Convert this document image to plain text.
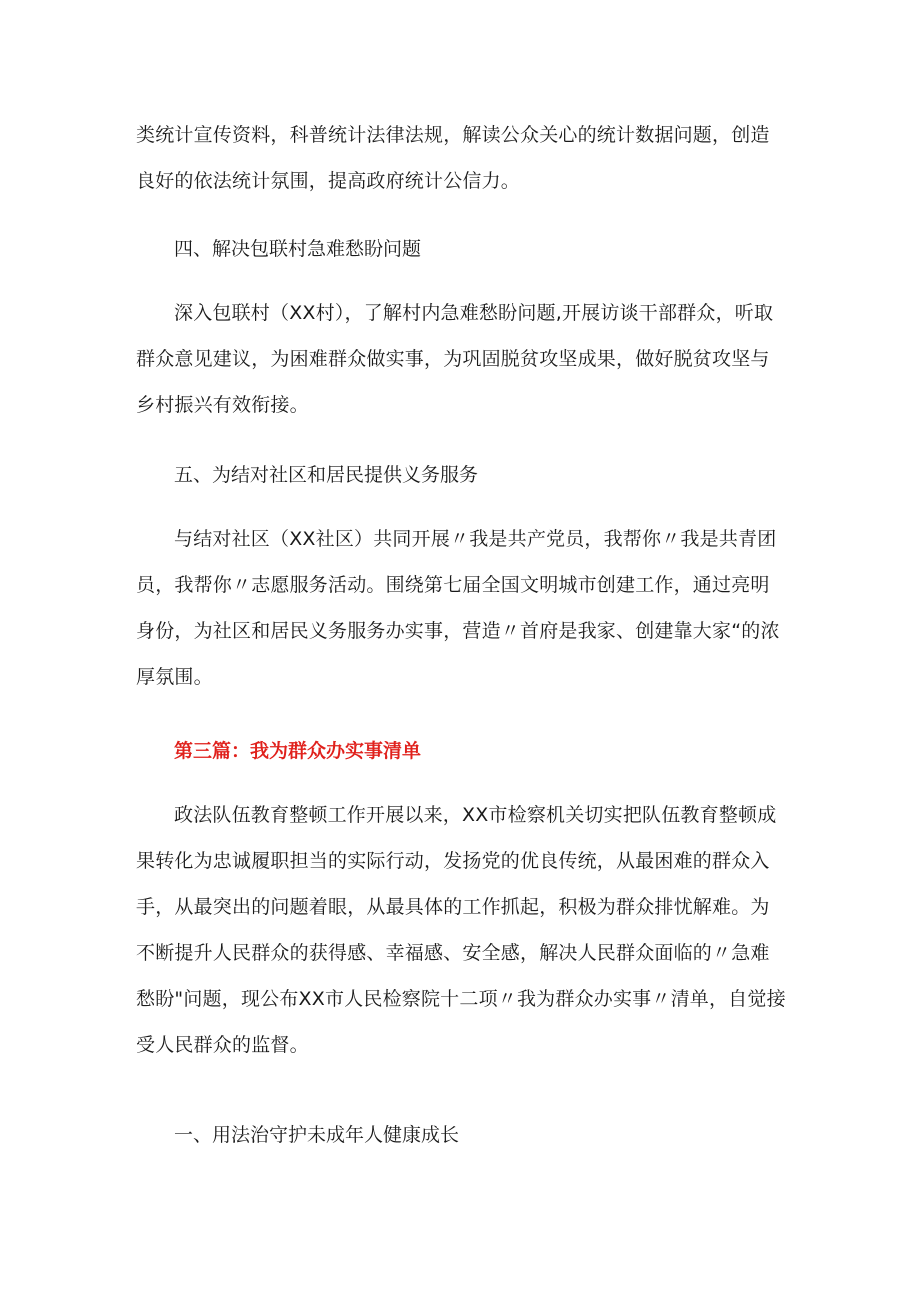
类统计宣传资料，科普统计法律法规，解读公众关心的统计数据问题，创造良好的依法统计氛围，提高政府统计公信力。

四、解决包联村急难愁盼问题

深入包联村（XX村），了解村内急难愁盼问题,开展访谈干部群众，听取群众意见建议，为困难群众做实事，为巩固脱贫攻坚成果，做好脱贫攻坚与乡村振兴有效衔接。

五、为结对社区和居民提供义务服务

与结对社区（XX社区）共同开展〃我是共产党员，我帮你〃我是共青团员，我帮你〃志愿服务活动。围绕第七届全国文明城市创建工作，通过亮明身份，为社区和居民义务服务办实事，营造〃首府是我家、创建靠大家“的浓厚氛围。

第三篇：我为群众办实事清单

政法队伍教育整顿工作开展以来，XX市检察机关切实把队伍教育整顿成果转化为忠诚履职担当的实际行动，发扬党的优良传统，从最困难的群众入手，从最突出的问题着眼，从最具体的工作抓起，积极为群众排忧解难。为不断提升人民群众的获得感、幸福感、安全感，解决人民群众面临的〃急难愁盼"问题，现公布XX市人民检察院十二项〃我为群众办实事〃清单，自觉接受人民群众的监督。

一、用法治守护未成年人健康成长
